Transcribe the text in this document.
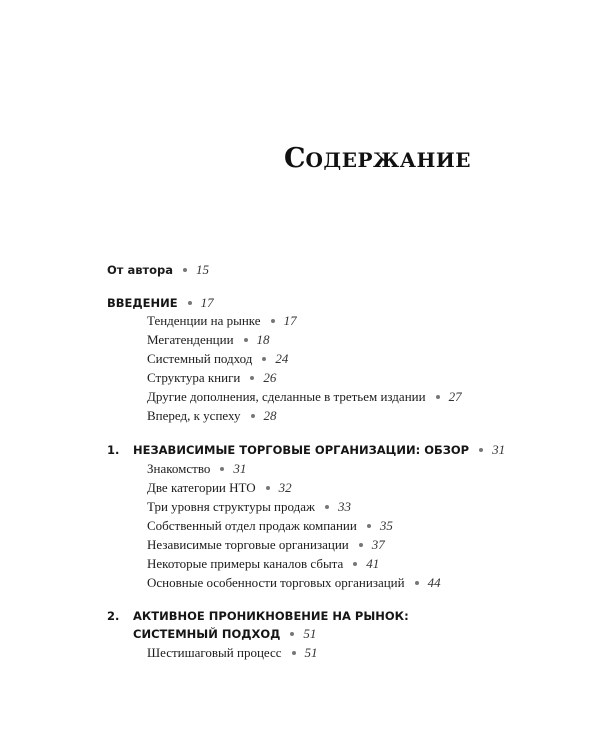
СОДЕРЖАНИЕ
От автора 15
ВВЕДЕНИЕ 17
Тенденции на рынке 17
Мегатенденции 18
Системный подход 24
Структура книги 26
Другие дополнения, сделанные в третьем издании 27
Вперед, к успеху 28
1. НЕЗАВИСИМЫЕ ТОРГОВЫЕ ОРГАНИЗАЦИИ: ОБЗОР 31
Знакомство 31
Две категории НТО 32
Три уровня структуры продаж 33
Собственный отдел продаж компании 35
Независимые торговые организации 37
Некоторые примеры каналов сбыта 41
Основные особенности торговых организаций 44
2. АКТИВНОЕ ПРОНИКНОВЕНИЕ НА РЫНОК:
СИСТЕМНЫЙ ПОДХОД 51
Шестишаговый процесс 51
